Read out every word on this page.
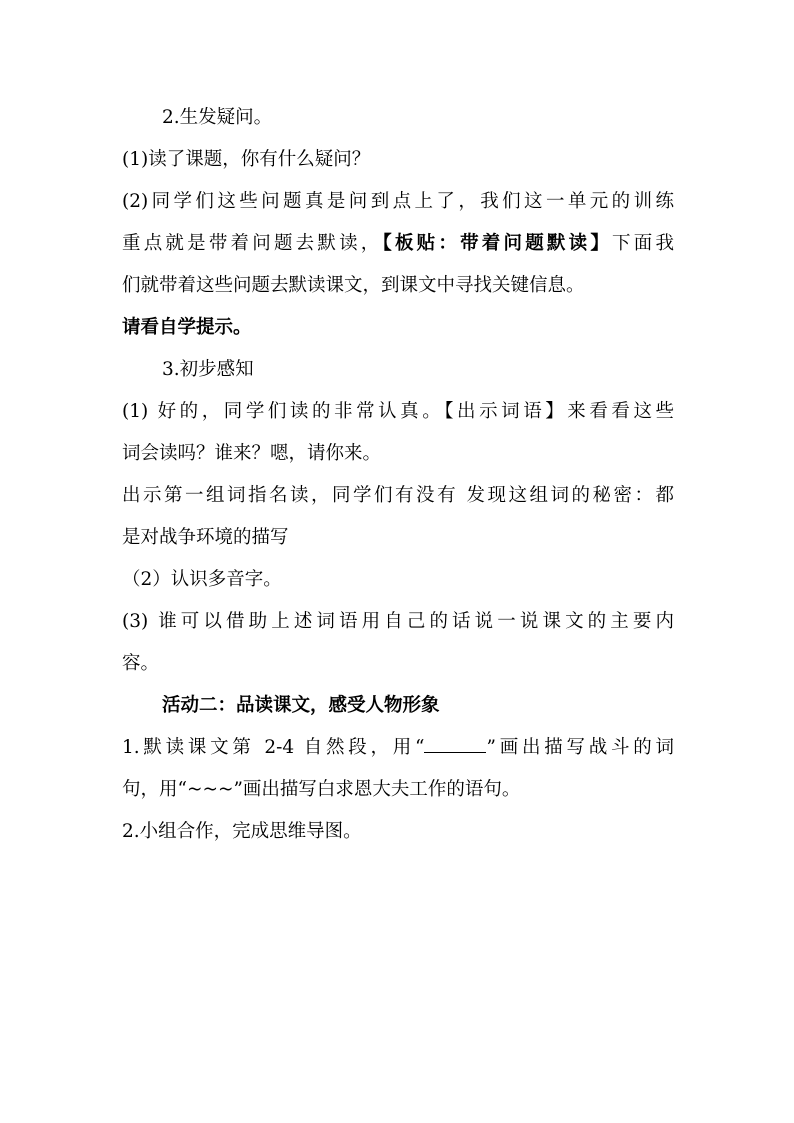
2.生发疑问。
(1)读了课题，你有什么疑问？
(2)同学们这些问题真是问到点上了，我们这一单元的训练
重点就是带着问题去默读，【板贴：带着问题默读】下面我
们就带着这些问题去默读课文，到课文中寻找关键信息。
请看自学提示。
3.初步感知
(1) 好的，同学们读的非常认真。【出示词语】来看看这些
词会读吗？谁来？嗯，请你来。
出示第一组词指名读，同学们有没有 发现这组词的秘密：都
是对战争环境的描写
（2）认识多音字。
(3) 谁可以借助上述词语用自己的话说一说课文的主要内
容。
活动二：品读课文，感受人物形象
1.默读课文第 2-4 自然段，用“	”画出描写战斗的词
句，用“~~~”画出描写白求恩大夫工作的语句。
2.小组合作，完成思维导图。
